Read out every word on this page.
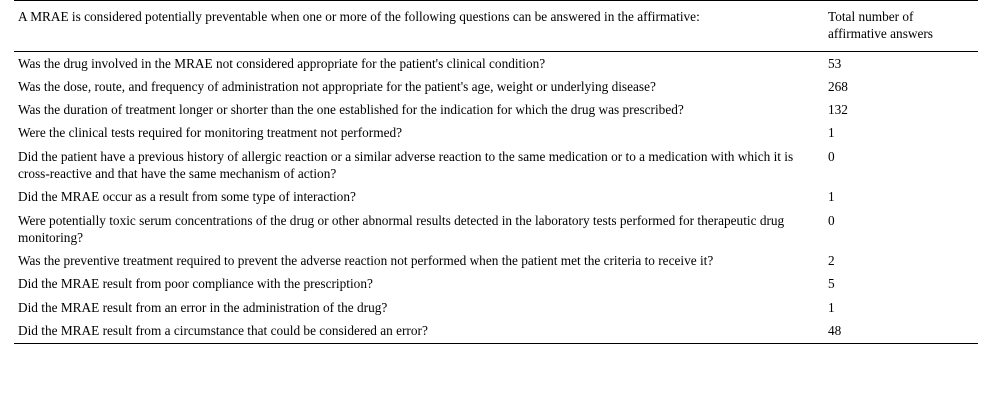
A MRAE is considered potentially preventable when one or more of the following questions can be answered in the affirmative:	Total number of
affirmative answers

Was the drug involved in the MRAE not considered appropriate for the patient's clinical condition?	53
Was the dose, route, and frequency of administration not appropriate for the patient's age, weight or underlying disease?	268
Was the duration of treatment longer or shorter than the one established for the indication for which the drug was prescribed?	132
Were the clinical tests required for monitoring treatment not performed?	1
Did the patient have a previous history of allergic reaction or a similar adverse reaction to the same medication or to a medication with which it is cross-reactive and that have the same mechanism of action?	0
Did the MRAE occur as a result from some type of interaction?	1
Were potentially toxic serum concentrations of the drug or other abnormal results detected in the laboratory tests performed for therapeutic drug monitoring?	0
Was the preventive treatment required to prevent the adverse reaction not performed when the patient met the criteria to receive it?	2
Did the MRAE result from poor compliance with the prescription?	5
Did the MRAE result from an error in the administration of the drug?	1
Did the MRAE result from a circumstance that could be considered an error?	48
